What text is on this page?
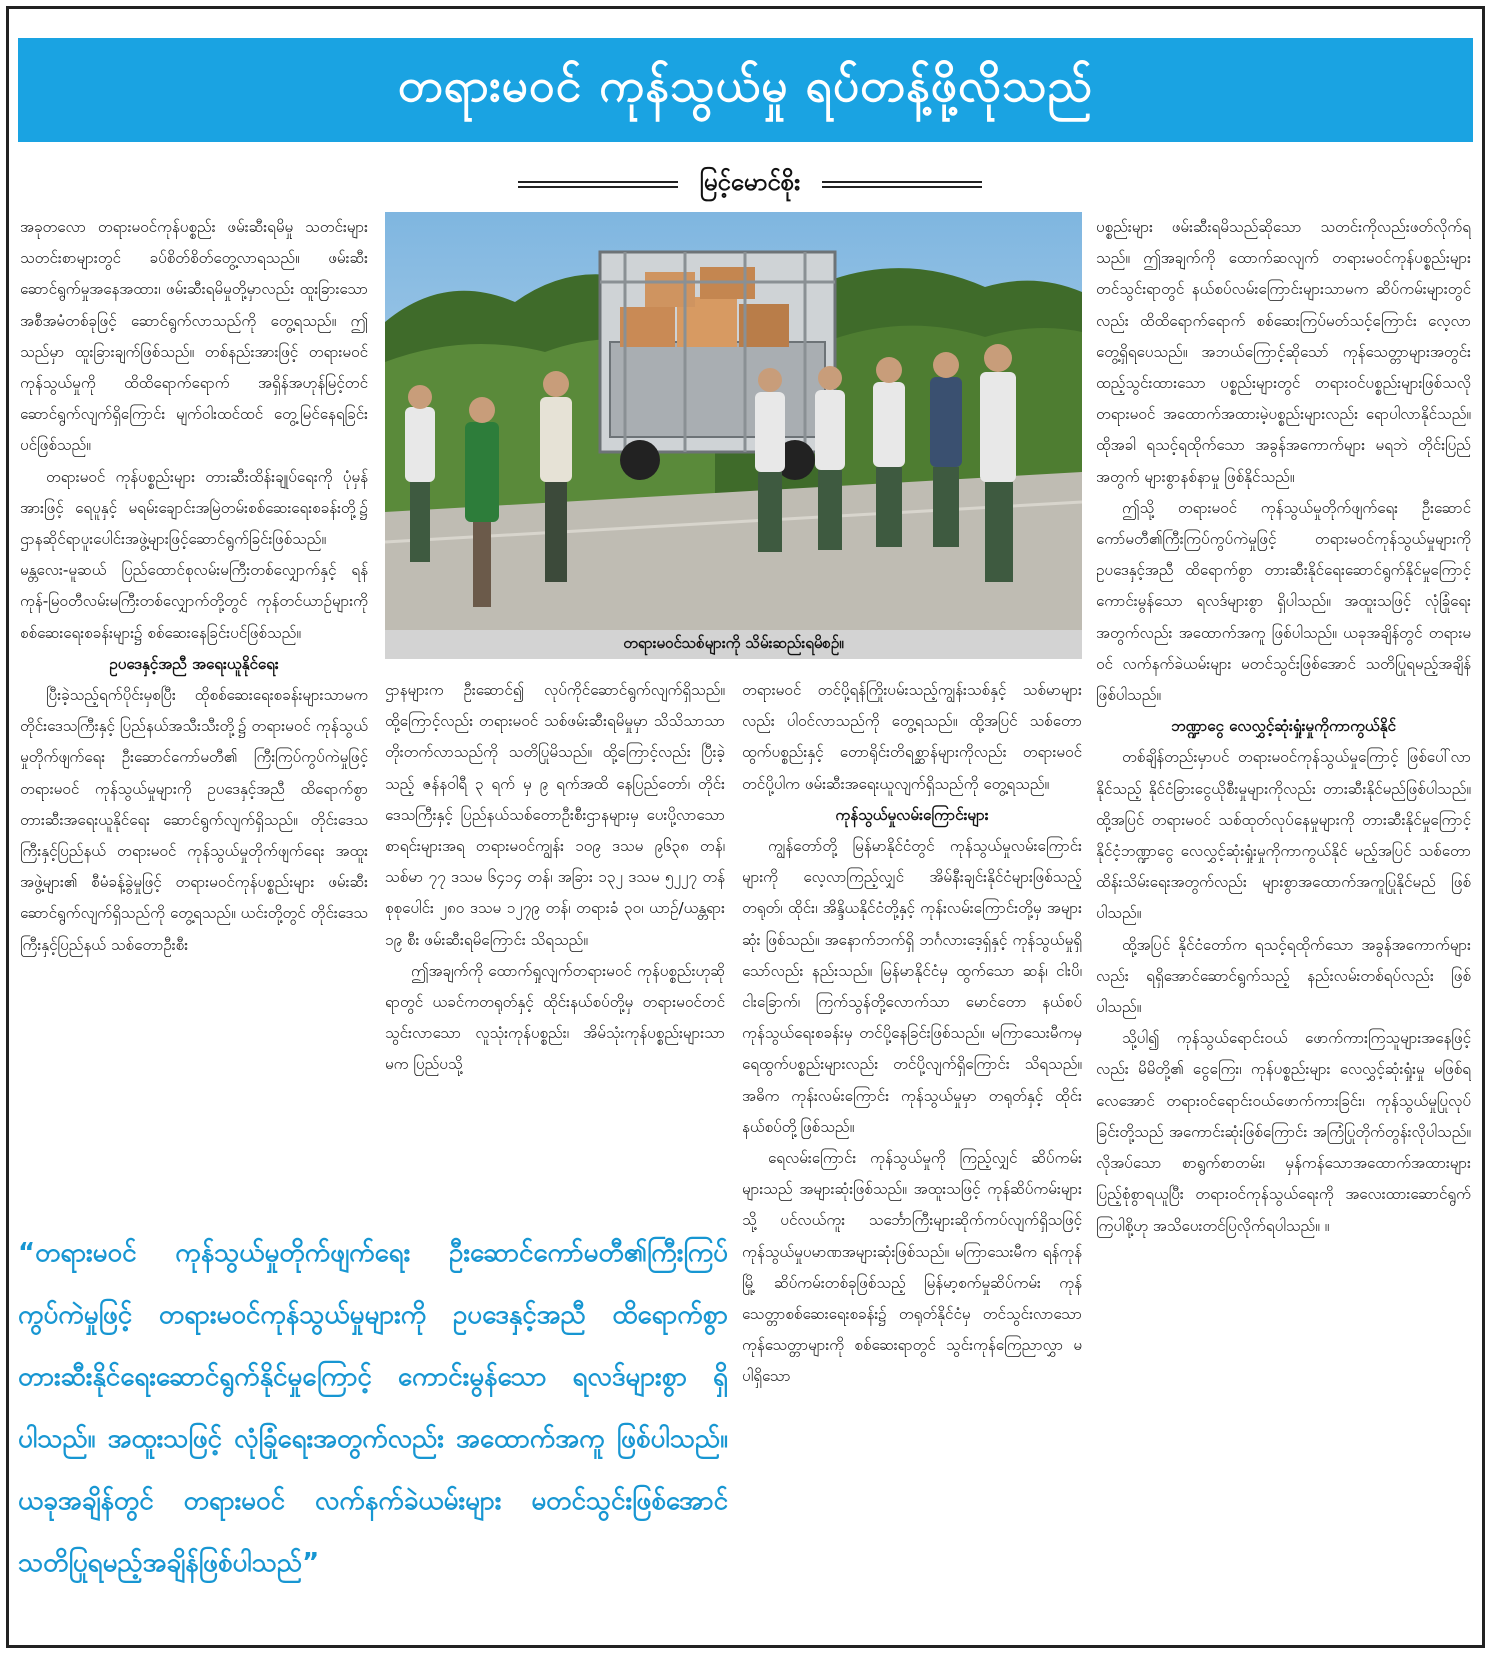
တရားမဝင် ကုန်သွယ်မှု ရပ်တန့်ဖို့လိုသည်
မြင့်မောင်စိုး

အခုတလော တရားမဝင်ကုန်ပစ္စည်း ဖမ်းဆီးရမိမှု သတင်းများ သတင်းစာများတွင် ခပ်စိတ်စိတ်တွေ့လာရသည်။ ဖမ်းဆီးဆောင်ရွက်မှုအနေအထား၊ ဖမ်းဆီးရမိမှုတို့မှာလည်း ထူးခြားသောအစီအမံတစ်ခုဖြင့် ဆောင်ရွက်လာသည်ကို တွေ့ရသည်။ ဤသည်မှာ ထူးခြားချက်ဖြစ်သည်။ တစ်နည်းအားဖြင့် တရားမဝင် ကုန်သွယ်မှုကို ထိထိရောက်ရောက် အရှိန်အဟုန်မြင့်တင် ဆောင်ရွက်လျက်ရှိကြောင်း မျက်ဝါးထင်ထင် တွေ့မြင်နေရခြင်းပင်ဖြစ်သည်။

တရားမဝင် ကုန်ပစ္စည်းများ တားဆီးထိန်းချုပ်ရေးကို ပုံမှန်အားဖြင့် ရေပူနှင့် မရမ်းချောင်းအမြဲတမ်းစစ်ဆေးရေးစခန်းတို့၌ ဌာနဆိုင်ရာပူးပေါင်းအဖွဲ့များဖြင့်ဆောင်ရွက်ခြင်းဖြစ်သည်။ မန္တလေး-မူဆယ် ပြည်ထောင်စုလမ်းမကြီးတစ်လျှောက်နှင့် ရန်ကုန်-မြဝတီလမ်းမကြီးတစ်လျှောက်တို့တွင် ကုန်တင်ယာဉ်များကို စစ်ဆေးရေးစခန်းများ၌ စစ်ဆေးနေခြင်းပင်ဖြစ်သည်။

ဥပဒေနှင့်အညီ အရေးယူနိုင်ရေး

ပြီးခဲ့သည့်ရက်ပိုင်းမှစပြီး ထိုစစ်ဆေးရေးစခန်းများသာမက တိုင်းဒေသကြီးနှင့် ပြည်နယ်အသီးသီးတို့၌ တရားမဝင် ကုန်သွယ်မှုတိုက်ဖျက်ရေး ဦးဆောင်ကော်မတီ၏ ကြီးကြပ်ကွပ်ကဲမှုဖြင့် တရားမဝင် ကုန်သွယ်မှုများကို ဥပဒေနှင့်အညီ ထိရောက်စွာ တားဆီးအရေးယူနိုင်ရေး ဆောင်ရွက်လျက်ရှိသည်။ တိုင်းဒေသကြီးနှင့်ပြည်နယ် တရားမဝင် ကုန်သွယ်မှုတိုက်ဖျက်ရေး အထူးအဖွဲ့များ၏ စီမံခန့်ခွဲမှုဖြင့် တရားမဝင်ကုန်ပစ္စည်းများ ဖမ်းဆီးဆောင်ရွက်လျက်ရှိသည်ကို တွေ့ရသည်။ ယင်းတို့တွင် တိုင်းဒေသကြီးနှင့်ပြည်နယ် သစ်တောဦးစီး

တရားမဝင်သစ်များကို သိမ်းဆည်းရမိစဉ်။

ဌာနများက ဦးဆောင်၍ လုပ်ကိုင်ဆောင်ရွက်လျက်ရှိသည်။ ထို့ကြောင့်လည်း တရားမဝင် သစ်ဖမ်းဆီးရမိမှုမှာ သိသိသာသာ တိုးတက်လာသည်ကို သတိပြုမိသည်။ ထို့ကြောင့်လည်း ပြီးခဲ့သည့် ဇန်နဝါရီ ၃ ရက် မှ ၉ ရက်အထိ နေပြည်တော်၊ တိုင်းဒေသကြီးနှင့် ပြည်နယ်သစ်တောဦးစီးဌာနများမှ ပေးပို့လာသော စာရင်းများအရ တရားမဝင်ကျွန်း ၁၀၉ ဒသမ ၉၆၃၈ တန်၊ သစ်မာ ၇၇ ဒသမ ၆၄၁၄ တန်၊ အခြား ၁၃၂ ဒသမ ၅၂၂၇ တန် စုစုပေါင်း ၂၈၀ ဒသမ ၁၂၇၉ တန်၊ တရားခံ ၃၀၊ ယာဉ်/ယန္တရား ၁၉ စီး ဖမ်းဆီးရမိကြောင်း သိရသည်။

ဤအချက်ကို ထောက်ရှုလျက်တရားမဝင် ကုန်ပစ္စည်းဟုဆိုရာတွင် ယခင်ကတရုတ်နှင့် ထိုင်းနယ်စပ်တို့မှ တရားမဝင်တင်သွင်းလာသော လူသုံးကုန်ပစ္စည်း၊ အိမ်သုံးကုန်ပစ္စည်းများသာမက ပြည်ပသို့

တရားမဝင် တင်ပို့ရန်ကြိုးပမ်းသည့်ကျွန်းသစ်နှင့် သစ်မာများလည်း ပါဝင်လာသည်ကို တွေ့ရသည်။ ထို့အပြင် သစ်တောထွက်ပစ္စည်းနှင့် တောရိုင်းတိရစ္ဆာန်များကိုလည်း တရားမဝင် တင်ပို့ပါက ဖမ်းဆီးအရေးယူလျက်ရှိသည်ကို တွေ့ရသည်။

ကုန်သွယ်မှုလမ်းကြောင်းများ

ကျွန်တော်တို့ မြန်မာနိုင်ငံတွင် ကုန်သွယ်မှုလမ်းကြောင်းများကို လေ့လာကြည့်လျှင် အိမ်နီးချင်းနိုင်ငံများဖြစ်သည့် တရုတ်၊ ထိုင်း၊ အိန္ဒိယနိုင်ငံတို့နှင့် ကုန်းလမ်းကြောင်းတို့မှ အများဆုံး ဖြစ်သည်။ အနောက်ဘက်ရှိ ဘင်္ဂလားဒေ့ရှ်နှင့် ကုန်သွယ်မှုရှိသော်လည်း နည်းသည်။ မြန်မာနိုင်ငံမှ ထွက်သော ဆန်၊ ငါးပိ၊ ငါးခြောက်၊ ကြက်သွန်တို့လောက်သာ မောင်တော နယ်စပ်ကုန်သွယ်ရေးစခန်းမှ တင်ပို့နေခြင်းဖြစ်သည်။ မကြာသေးမီကမှ ရေထွက်ပစ္စည်းများလည်း တင်ပို့လျက်ရှိကြောင်း သိရသည်။ အဓိက ကုန်းလမ်းကြောင်း ကုန်သွယ်မှုမှာ တရုတ်နှင့် ထိုင်းနယ်စပ်တို့ဖြစ်သည်။

ရေလမ်းကြောင်း ကုန်သွယ်မှုကို ကြည့်လျှင် ဆိပ်ကမ်းများသည် အများဆုံးဖြစ်သည်။ အထူးသဖြင့် ကုန်ဆိပ်ကမ်းများသို့ ပင်လယ်ကူး သင်္ဘောကြီးများဆိုက်ကပ်လျက်ရှိသဖြင့် ကုန်သွယ်မှုပမာဏအများဆုံးဖြစ်သည်။ မကြာသေးမီက ရန်ကုန်မြို့ ဆိပ်ကမ်းတစ်ခုဖြစ်သည့် မြန်မာ့စက်မှုဆိပ်ကမ်း ကုန်သေတ္တာစစ်ဆေးရေးစခန်း၌ တရုတ်နိုင်ငံမှ တင်သွင်းလာသော ကုန်သေတ္တာများကို စစ်ဆေးရာတွင် သွင်းကုန်ကြေညာလွှာ မပါရှိသော

ပစ္စည်းများ ဖမ်းဆီးရမိသည်ဆိုသော သတင်းကိုလည်းဖတ်လိုက်ရသည်။ ဤအချက်ကို ထောက်ဆလျက် တရားမဝင်ကုန်ပစ္စည်းများ တင်သွင်းရာတွင် နယ်စပ်လမ်းကြောင်းများသာမက ဆိပ်ကမ်းများတွင်လည်း ထိထိရောက်ရောက် စစ်ဆေးကြပ်မတ်သင့်ကြောင်း လေ့လာတွေ့ရှိရပေသည်။ အဘယ်ကြောင့်ဆိုသော် ကုန်သေတ္တာများအတွင်း ထည့်သွင်းထားသော ပစ္စည်းများတွင် တရားဝင်ပစ္စည်းများဖြစ်သလို တရားမဝင် အထောက်အထားမဲ့ပစ္စည်းများလည်း ရောပါလာနိုင်သည်။ ထိုအခါ ရသင့်ရထိုက်သော အခွန်အကောက်များ မရဘဲ တိုင်းပြည်အတွက် များစွာနစ်နာမှု ဖြစ်နိုင်သည်။

ဤသို့ တရားမဝင် ကုန်သွယ်မှုတိုက်ဖျက်ရေး ဦးဆောင်ကော်မတီ၏ကြီးကြပ်ကွပ်ကဲမှုဖြင့် တရားမဝင်ကုန်သွယ်မှုများကို ဥပဒေနှင့်အညီ ထိရောက်စွာ တားဆီးနိုင်ရေးဆောင်ရွက်နိုင်မှုကြောင့် ကောင်းမွန်သော ရလဒ်များစွာ ရှိပါသည်။ အထူးသဖြင့် လုံခြုံရေးအတွက်လည်း အထောက်အကူ ဖြစ်ပါသည်။ ယခုအချိန်တွင် တရားမဝင် လက်နက်ခဲယမ်းများ မတင်သွင်းဖြစ်အောင် သတိပြုရမည့်အချိန်ဖြစ်ပါသည်။

ဘဏ္ဍာငွေ လေလွှင့်ဆုံးရှုံးမှုကိုကာကွယ်နိုင်

တစ်ချိန်တည်းမှာပင် တရားမဝင်ကုန်သွယ်မှုကြောင့် ဖြစ်ပေါ်လာနိုင်သည့် နိုင်ငံခြားငွေယိုစီးမှုများကိုလည်း တားဆီးနိုင်မည်ဖြစ်ပါသည်။ ထို့အပြင် တရားမဝင် သစ်ထုတ်လုပ်နေမှုများကို တားဆီးနိုင်မှုကြောင့် နိုင်ငံ့ဘဏ္ဍာငွေ လေလွှင့်ဆုံးရှုံးမှုကိုကာကွယ်နိုင် မည့်အပြင် သစ်တောထိန်းသိမ်းရေးအတွက်လည်း များစွာအထောက်အကူပြုနိုင်မည် ဖြစ်ပါသည်။

ထို့အပြင် နိုင်ငံတော်က ရသင့်ရထိုက်သော အခွန်အကောက်များလည်း ရရှိအောင်ဆောင်ရွက်သည့် နည်းလမ်းတစ်ရပ်လည်း ဖြစ်ပါသည်။

သို့ပါ၍ ကုန်သွယ်ရောင်းဝယ် ဖောက်ကားကြသူများအနေဖြင့်လည်း မိမိတို့၏ ငွေကြေး၊ ကုန်ပစ္စည်းများ လေလွှင့်ဆုံးရှုံးမှု မဖြစ်ရလေအောင် တရားဝင်ရောင်းဝယ်ဖောက်ကားခြင်း၊ ကုန်သွယ်မှုပြုလုပ်ခြင်းတို့သည် အကောင်းဆုံးဖြစ်ကြောင်း အကြံပြုတိုက်တွန်းလိုပါသည်။ လိုအပ်သော စာရွက်စာတမ်း၊ မှန်ကန်သောအထောက်အထားများ ပြည့်စုံစွာရယူပြီး တရားဝင်ကုန်သွယ်ရေးကို အလေးထားဆောင်ရွက်ကြပါစို့ဟု အသိပေးတင်ပြလိုက်ရပါသည်။ ။

“တရားမဝင် ကုန်သွယ်မှုတိုက်ဖျက်ရေး ဦးဆောင်ကော်မတီ၏ကြီးကြပ်ကွပ်ကဲမှုဖြင့် တရားမဝင်ကုန်သွယ်မှုများကို ဥပဒေနှင့်အညီ ထိရောက်စွာ တားဆီးနိုင်ရေးဆောင်ရွက်နိုင်မှုကြောင့် ကောင်းမွန်သော ရလဒ်များစွာ ရှိပါသည်။ အထူးသဖြင့် လုံခြုံရေးအတွက်လည်း အထောက်အကူ ဖြစ်ပါသည်။ ယခုအချိန်တွင် တရားမဝင် လက်နက်ခဲယမ်းများ မတင်သွင်းဖြစ်အောင် သတိပြုရမည့်အချိန်ဖြစ်ပါသည်”
